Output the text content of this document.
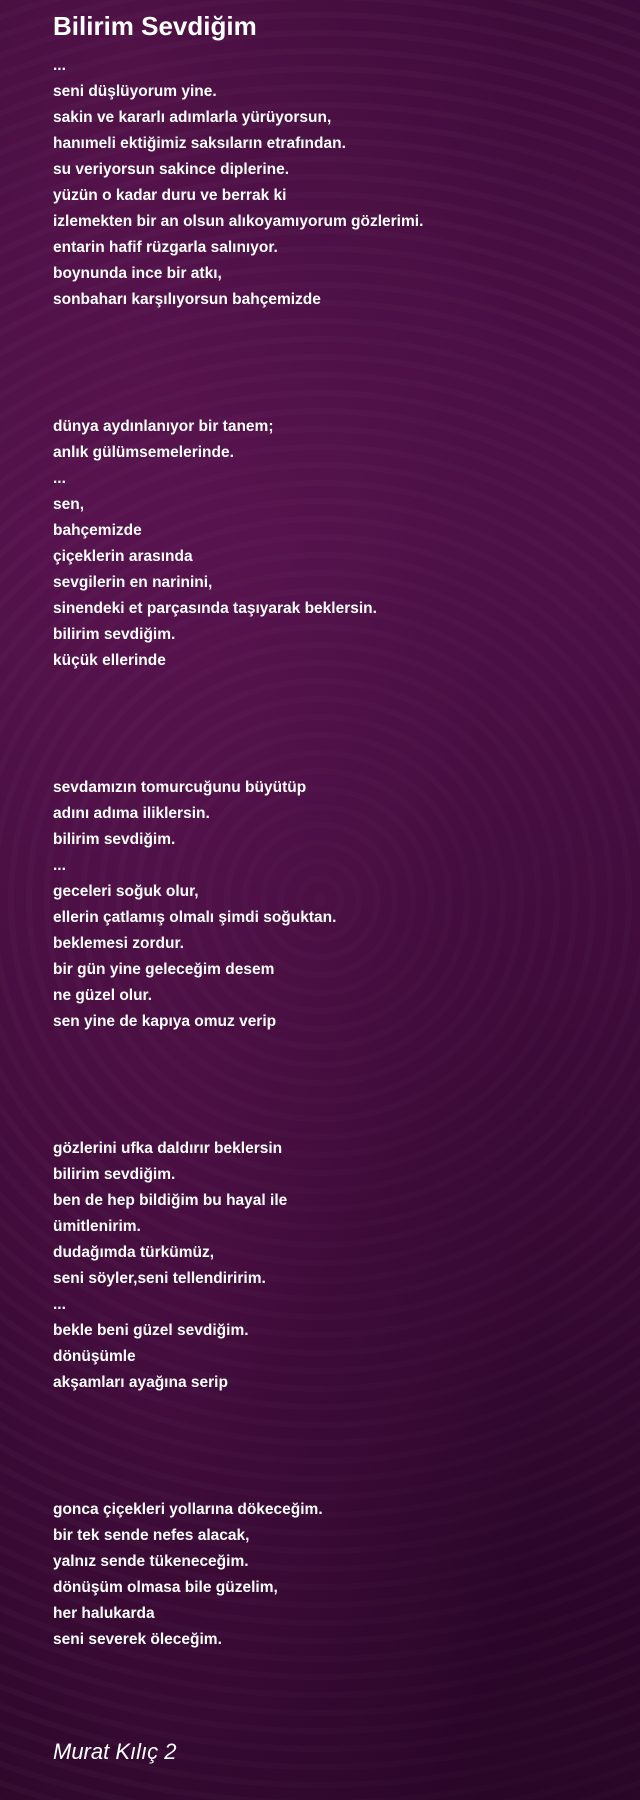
Bilirim Sevdiğim
...
seni düşlüyorum yine.
sakin ve kararlı adımlarla yürüyorsun,
hanımeli ektiğimiz saksıların etrafından.
su veriyorsun sakince diplerine.
yüzün o kadar duru ve berrak ki
izlemekten bir an olsun alıkoyamıyorum gözlerimi.
entarin hafif rüzgarla salınıyor.
boynunda ince bir atkı,
sonbaharı karşılıyorsun bahçemizde
dünya aydınlanıyor bir tanem;
anlık gülümsemelerinde.
...
sen,
bahçemizde
çiçeklerin arasında
sevgilerin en narinini,
sinendeki et parçasında taşıyarak beklersin.
bilirim sevdiğim.
küçük ellerinde
sevdamızın tomurcuğunu büyütüp
adını adıma iliklersin.
bilirim sevdiğim.
...
geceleri soğuk olur,
ellerin çatlamış olmalı şimdi soğuktan.
beklemesi zordur.
bir gün yine geleceğim desem
ne güzel olur.
sen yine de kapıya omuz verip
gözlerini ufka daldırır beklersin
bilirim sevdiğim.
ben de hep bildiğim bu hayal ile
ümitlenirim.
dudağımda türkümüz,
seni söyler,seni tellendiririm.
...
bekle beni güzel sevdiğim.
dönüşümle
akşamları ayağına serip
gonca çiçekleri yollarına dökeceğim.
bir tek sende nefes alacak,
yalnız sende tükeneceğim.
dönüşüm olmasa bile güzelim,
her halukarda
seni severek öleceğim.
Murat Kılıç 2
